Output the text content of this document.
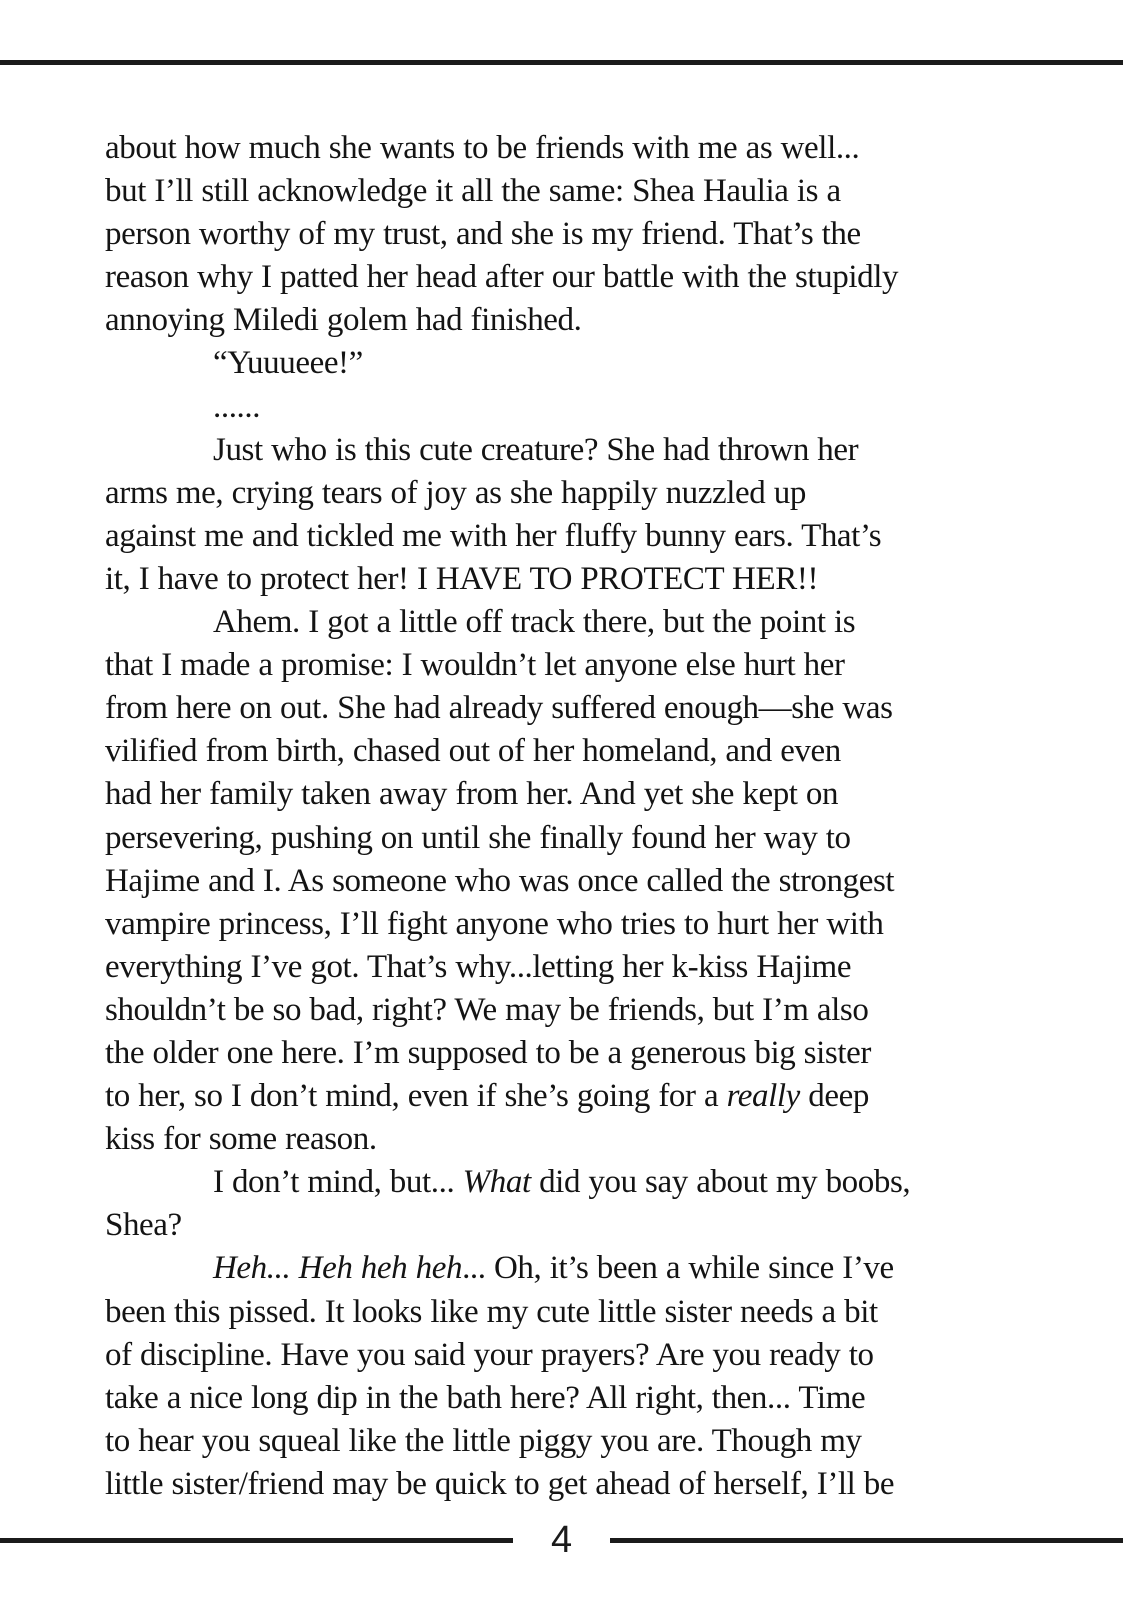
about how much she wants to be friends with me as well...
but I’ll still acknowledge it all the same: Shea Haulia is a
person worthy of my trust, and she is my friend. That’s the
reason why I patted her head after our battle with the stupidly
annoying Miledi golem had finished.
“Yuuueee!”
......
Just who is this cute creature? She had thrown her
arms me, crying tears of joy as she happily nuzzled up
against me and tickled me with her fluffy bunny ears. That’s
it, I have to protect her! I HAVE TO PROTECT HER!!
Ahem. I got a little off track there, but the point is
that I made a promise: I wouldn’t let anyone else hurt her
from here on out. She had already suffered enough—she was
vilified from birth, chased out of her homeland, and even
had her family taken away from her. And yet she kept on
persevering, pushing on until she finally found her way to
Hajime and I. As someone who was once called the strongest
vampire princess, I’ll fight anyone who tries to hurt her with
everything I’ve got. That’s why...letting her k-kiss Hajime
shouldn’t be so bad, right? We may be friends, but I’m also
the older one here. I’m supposed to be a generous big sister
to her, so I don’t mind, even if she’s going for a really deep
kiss for some reason.
I don’t mind, but... What did you say about my boobs,
Shea?
Heh... Heh heh heh... Oh, it’s been a while since I’ve
been this pissed. It looks like my cute little sister needs a bit
of discipline. Have you said your prayers? Are you ready to
take a nice long dip in the bath here? All right, then... Time
to hear you squeal like the little piggy you are. Though my
little sister/friend may be quick to get ahead of herself, I’ll be
4
